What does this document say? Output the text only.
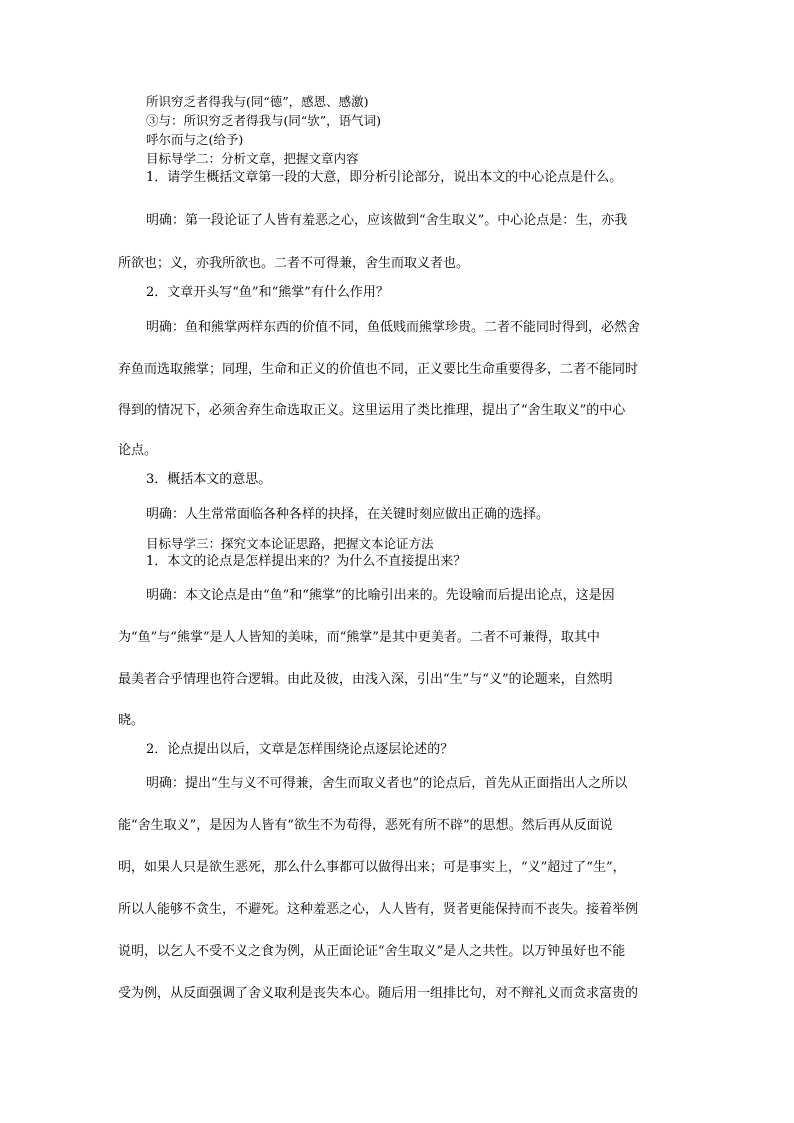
所识穷乏者得我与(同“德”，感恩、感激)
③与：所识穷乏者得我与(同“欤”，语气词)
呼尔而与之(给予)
目标导学二：分析文章，把握文章内容
1．请学生概括文章第一段的大意，即分析引论部分，说出本文的中心论点是什么。
明确：第一段论证了人皆有羞恶之心，应该做到“舍生取义”。中心论点是：生，亦我
所欲也；义，亦我所欲也。二者不可得兼，舍生而取义者也。
2．文章开头写“鱼”和“熊掌”有什么作用？
明确：鱼和熊掌两样东西的价值不同，鱼低贱而熊掌珍贵。二者不能同时得到，必然舍
弃鱼而选取熊掌；同理，生命和正义的价值也不同，正义要比生命重要得多，二者不能同时
得到的情况下，必须舍弃生命选取正义。这里运用了类比推理，提出了“舍生取义”的中心
论点。
3．概括本文的意思。
明确：人生常常面临各种各样的抉择，在关键时刻应做出正确的选择。
目标导学三：探究文本论证思路，把握文本论证方法
1．本文的论点是怎样提出来的？为什么不直接提出来？
明确：本文论点是由“鱼”和“熊掌”的比喻引出来的。先设喻而后提出论点，这是因
为“鱼”与“熊掌”是人人皆知的美味，而“熊掌”是其中更美者。二者不可兼得，取其中
最美者合乎情理也符合逻辑。由此及彼，由浅入深，引出“生”与“义”的论题来，自然明
晓。
2．论点提出以后，文章是怎样围绕论点逐层论述的？
明确：提出“生与义不可得兼，舍生而取义者也”的论点后，首先从正面指出人之所以
能“舍生取义”，是因为人皆有“欲生不为苟得，恶死有所不辟”的思想。然后再从反面说
明，如果人只是欲生恶死，那么什么事都可以做得出来；可是事实上，“义”超过了“生”，
所以人能够不贪生，不避死。这种羞恶之心，人人皆有，贤者更能保持而不丧失。接着举例
说明，以乞人不受不义之食为例，从正面论证“舍生取义”是人之共性。以万钟虽好也不能
受为例，从反面强调了舍义取利是丧失本心。随后用一组排比句，对不辩礼义而贪求富贵的
